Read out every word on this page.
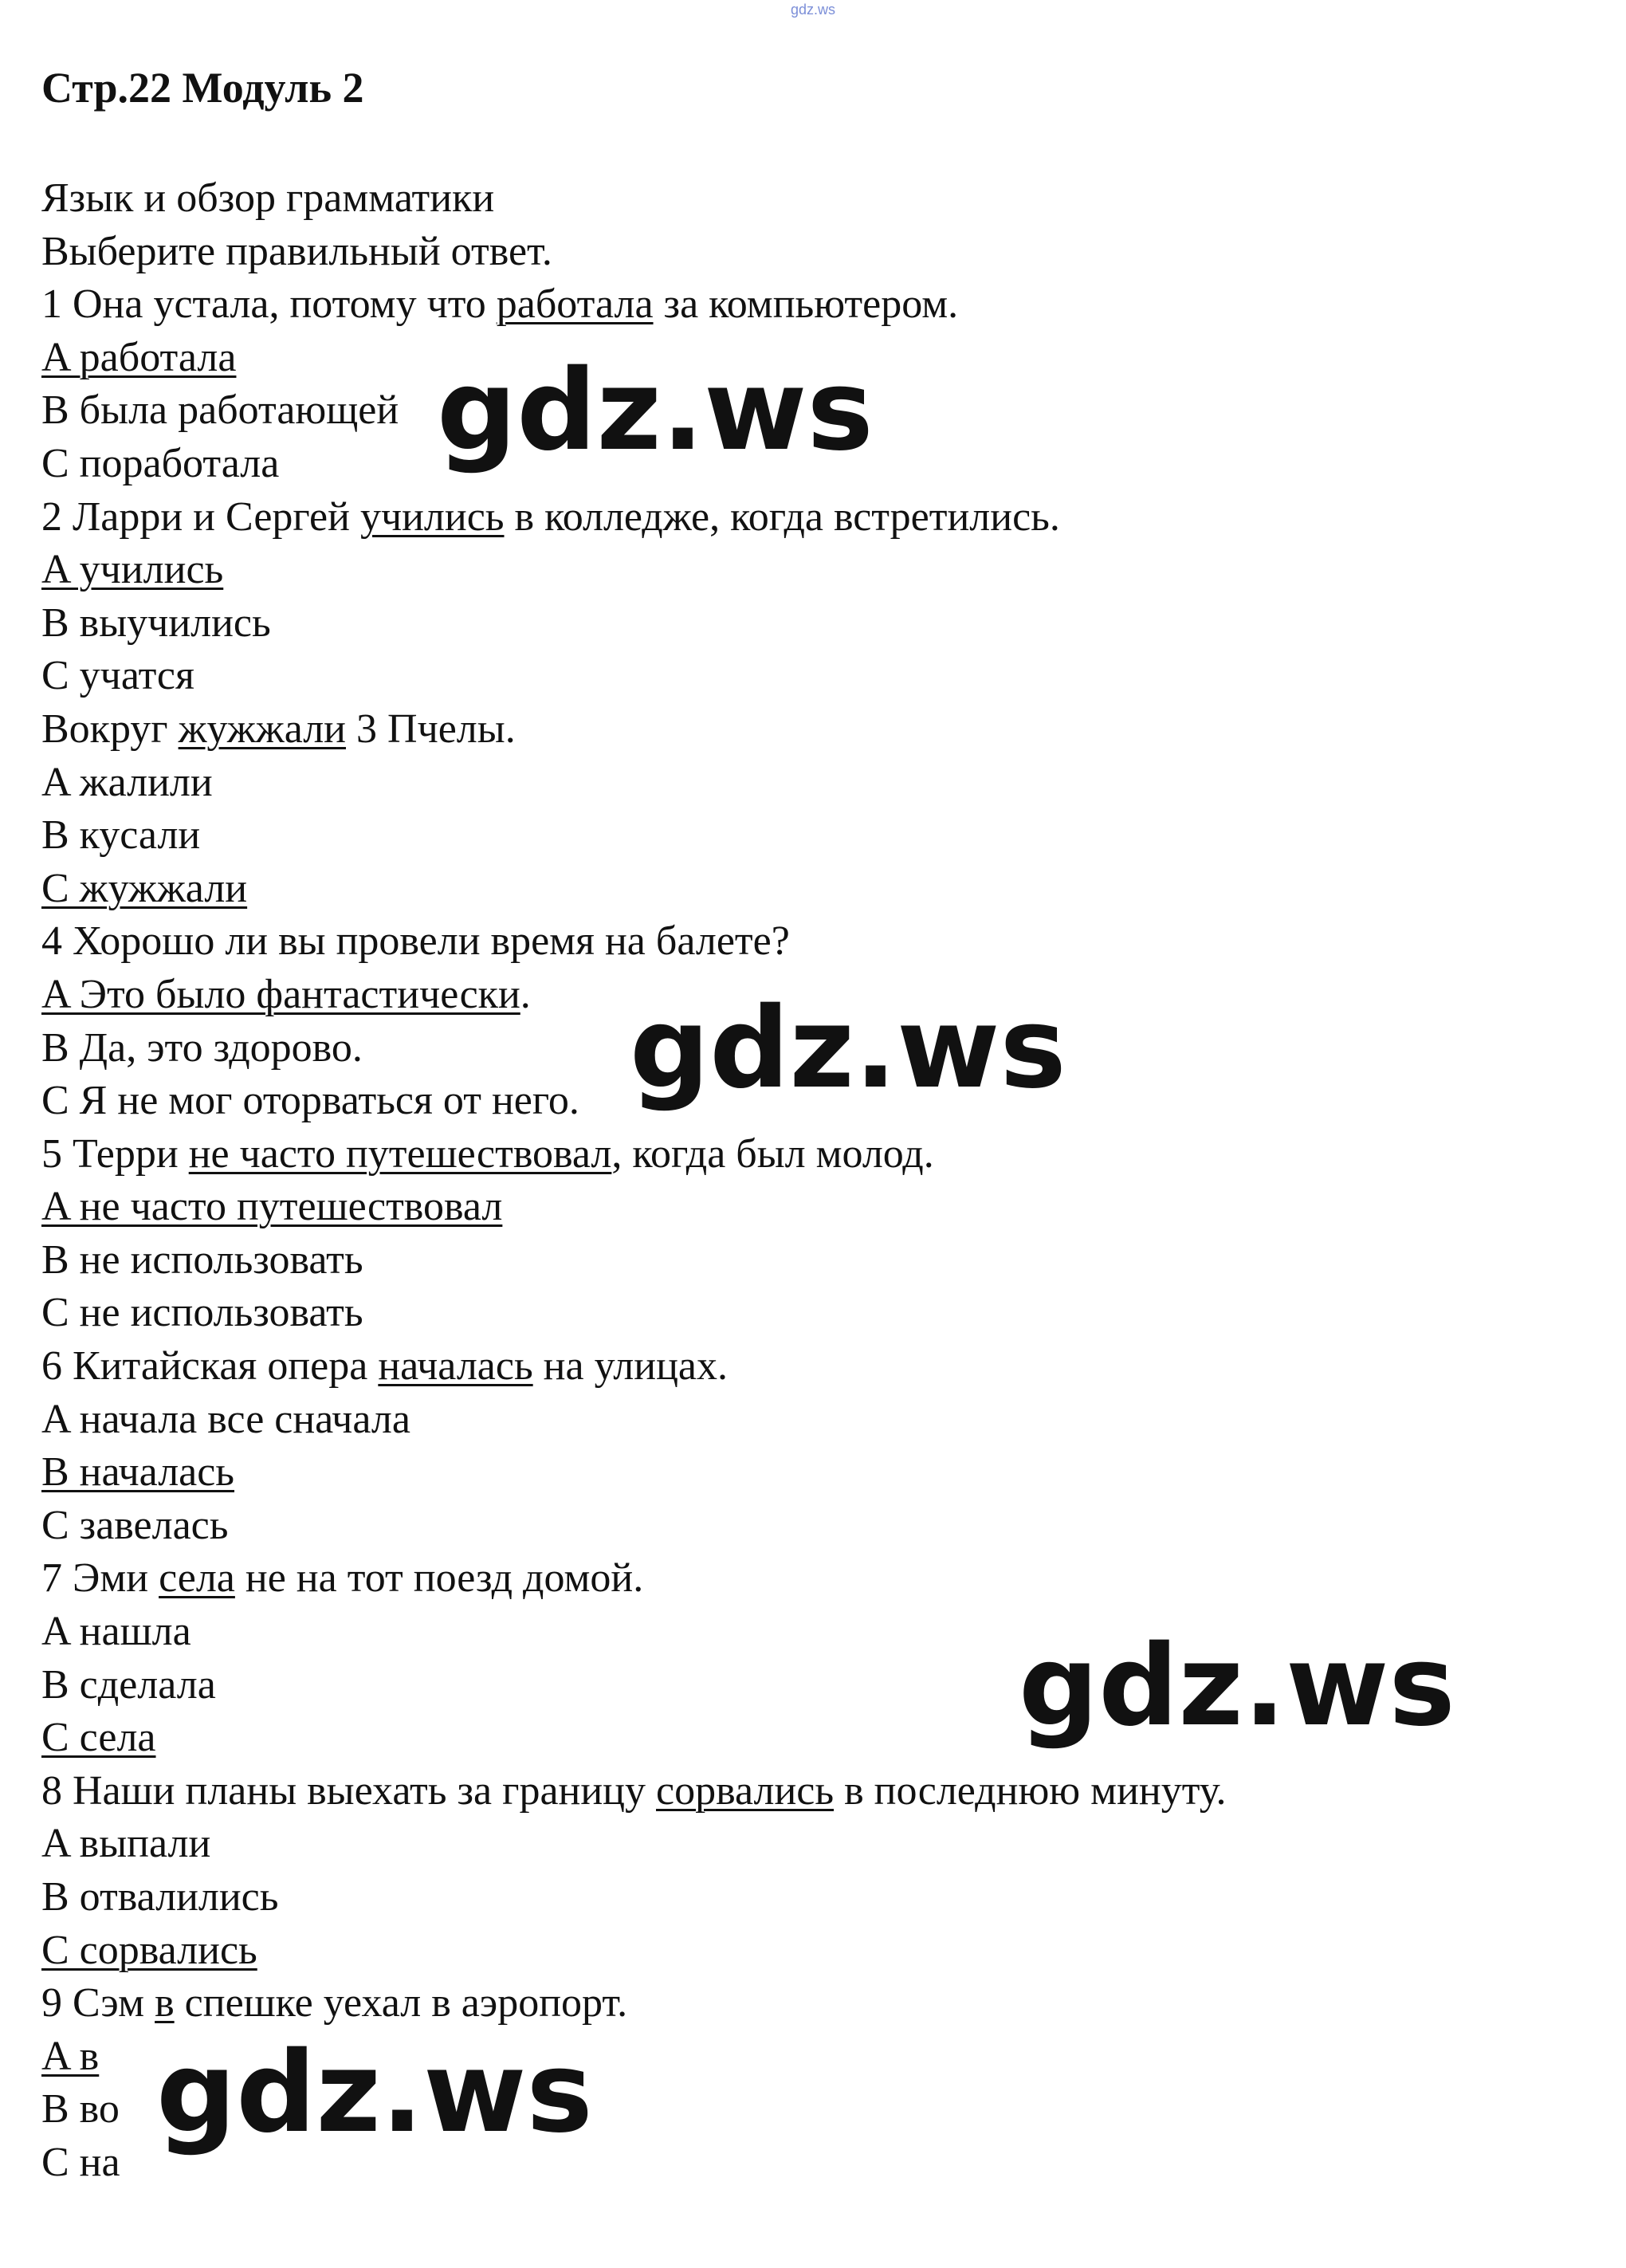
gdz.ws
Стр.22 Модуль 2
Язык и обзор грамматики
Выберите правильный ответ.
1 Она устала, потому что работала за компьютером.
A работала
B была работающей
C поработала
2 Ларри и Сергей учились в колледже, когда встретились.
A учились
B выучились
C учатся
Вокруг жужжали 3 Пчелы.
A жалили
B кусали
C жужжали
4 Хорошо ли вы провели время на балете?
A Это было фантастически.
B Да, это здорово.
C Я не мог оторваться от него.
5 Терри не часто путешествовал, когда был молод.
A не часто путешествовал
B не использовать
C не использовать
6 Китайская опера началась на улицах.
A начала все сначала
B началась
C завелась
7 Эми села не на тот поезд домой.
A нашла
B сделала
C села
8 Наши планы выехать за границу сорвались в последнюю минуту.
A выпали
B отвалились
C сорвались
9 Сэм в спешке уехал в аэропорт.
A в
B во
C на
gdz.ws
gdz.ws
gdz.ws
gdz.ws
